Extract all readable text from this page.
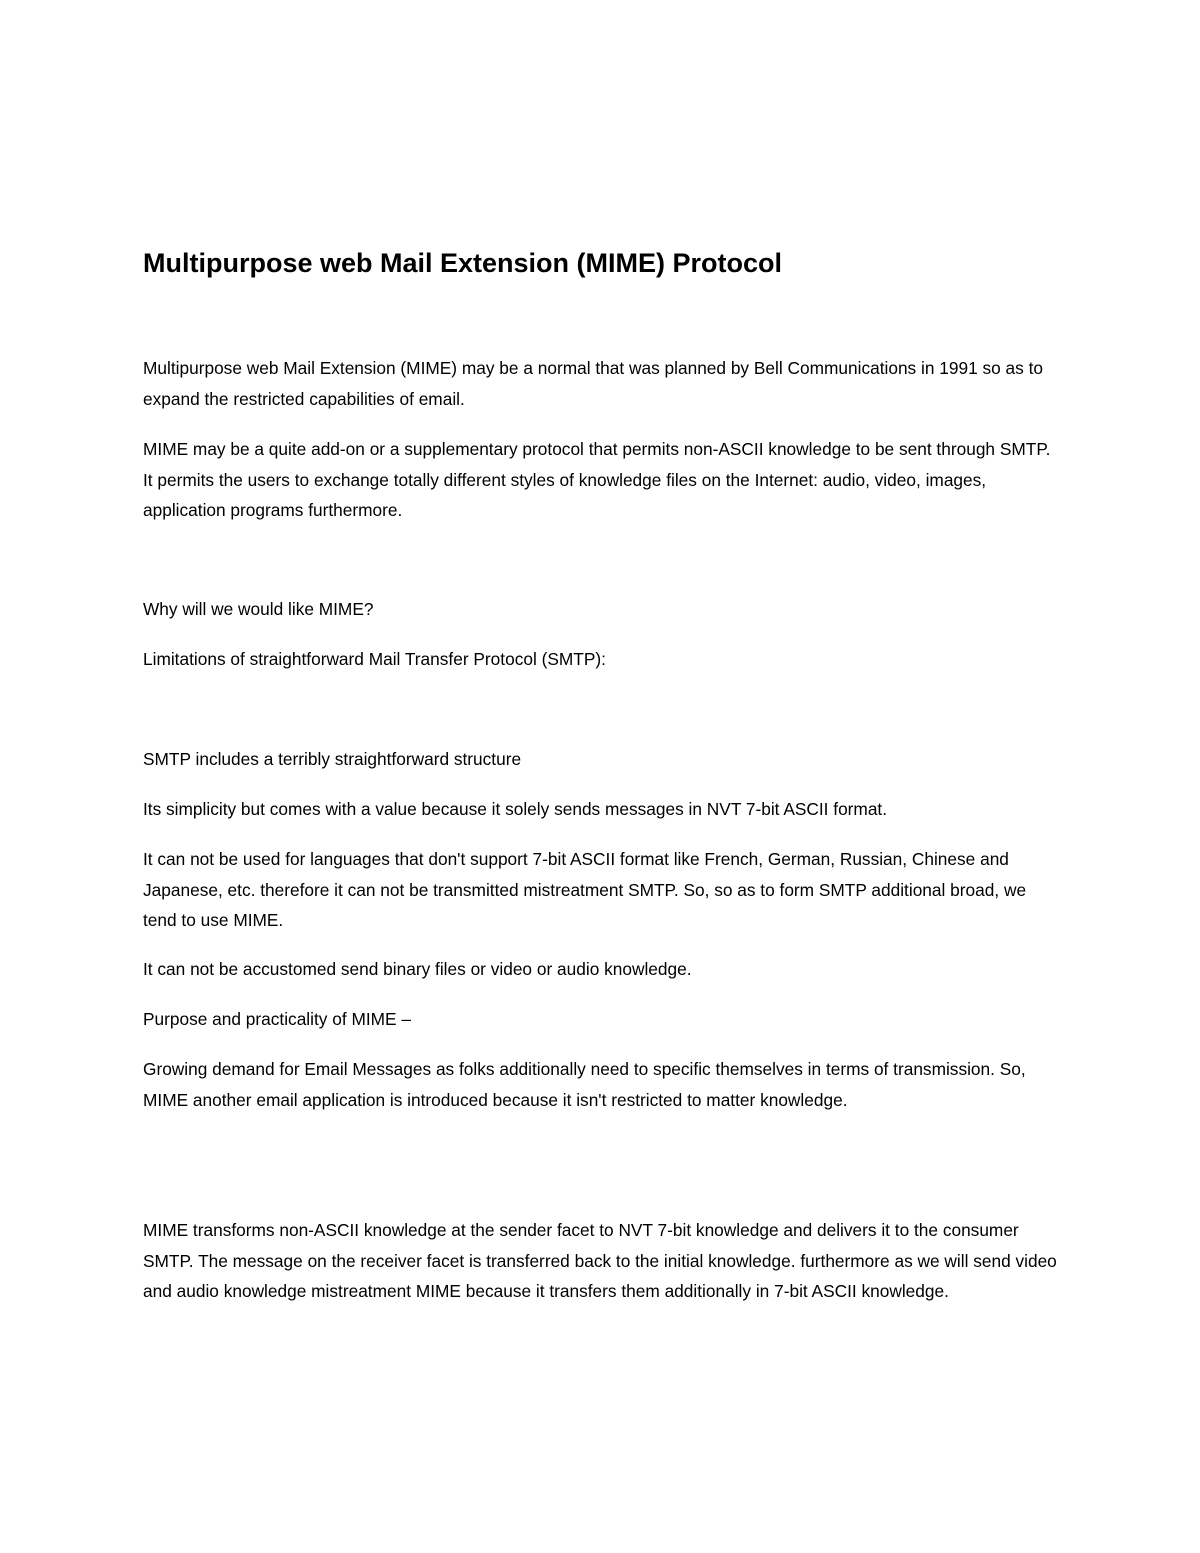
Multipurpose web Mail Extension (MIME) Protocol

Multipurpose web Mail Extension (MIME) may be a normal that was planned by Bell Communications in 1991 so as to expand the restricted capabilities of email.

MIME may be a quite add-on or a supplementary protocol that permits non-ASCII knowledge to be sent through SMTP. It permits the users to exchange totally different styles of knowledge files on the Internet: audio, video, images, application programs furthermore.

Why will we would like MIME?

Limitations of straightforward Mail Transfer Protocol (SMTP):

SMTP includes a terribly straightforward structure

Its simplicity but comes with a value because it solely sends messages in NVT 7-bit ASCII format.

It can not be used for languages that don't support 7-bit ASCII format like French, German, Russian, Chinese and Japanese, etc. therefore it can not be transmitted mistreatment SMTP. So, so as to form SMTP additional broad, we tend to use MIME.

It can not be accustomed send binary files or video or audio knowledge.

Purpose and practicality of MIME –

Growing demand for Email Messages as folks additionally need to specific themselves in terms of transmission. So, MIME another email application is introduced because it isn't restricted to matter knowledge.

MIME transforms non-ASCII knowledge at the sender facet to NVT 7-bit knowledge and delivers it to the consumer SMTP. The message on the receiver facet is transferred back to the initial knowledge. furthermore as we will send video and audio knowledge mistreatment MIME because it transfers them additionally in 7-bit ASCII knowledge.
